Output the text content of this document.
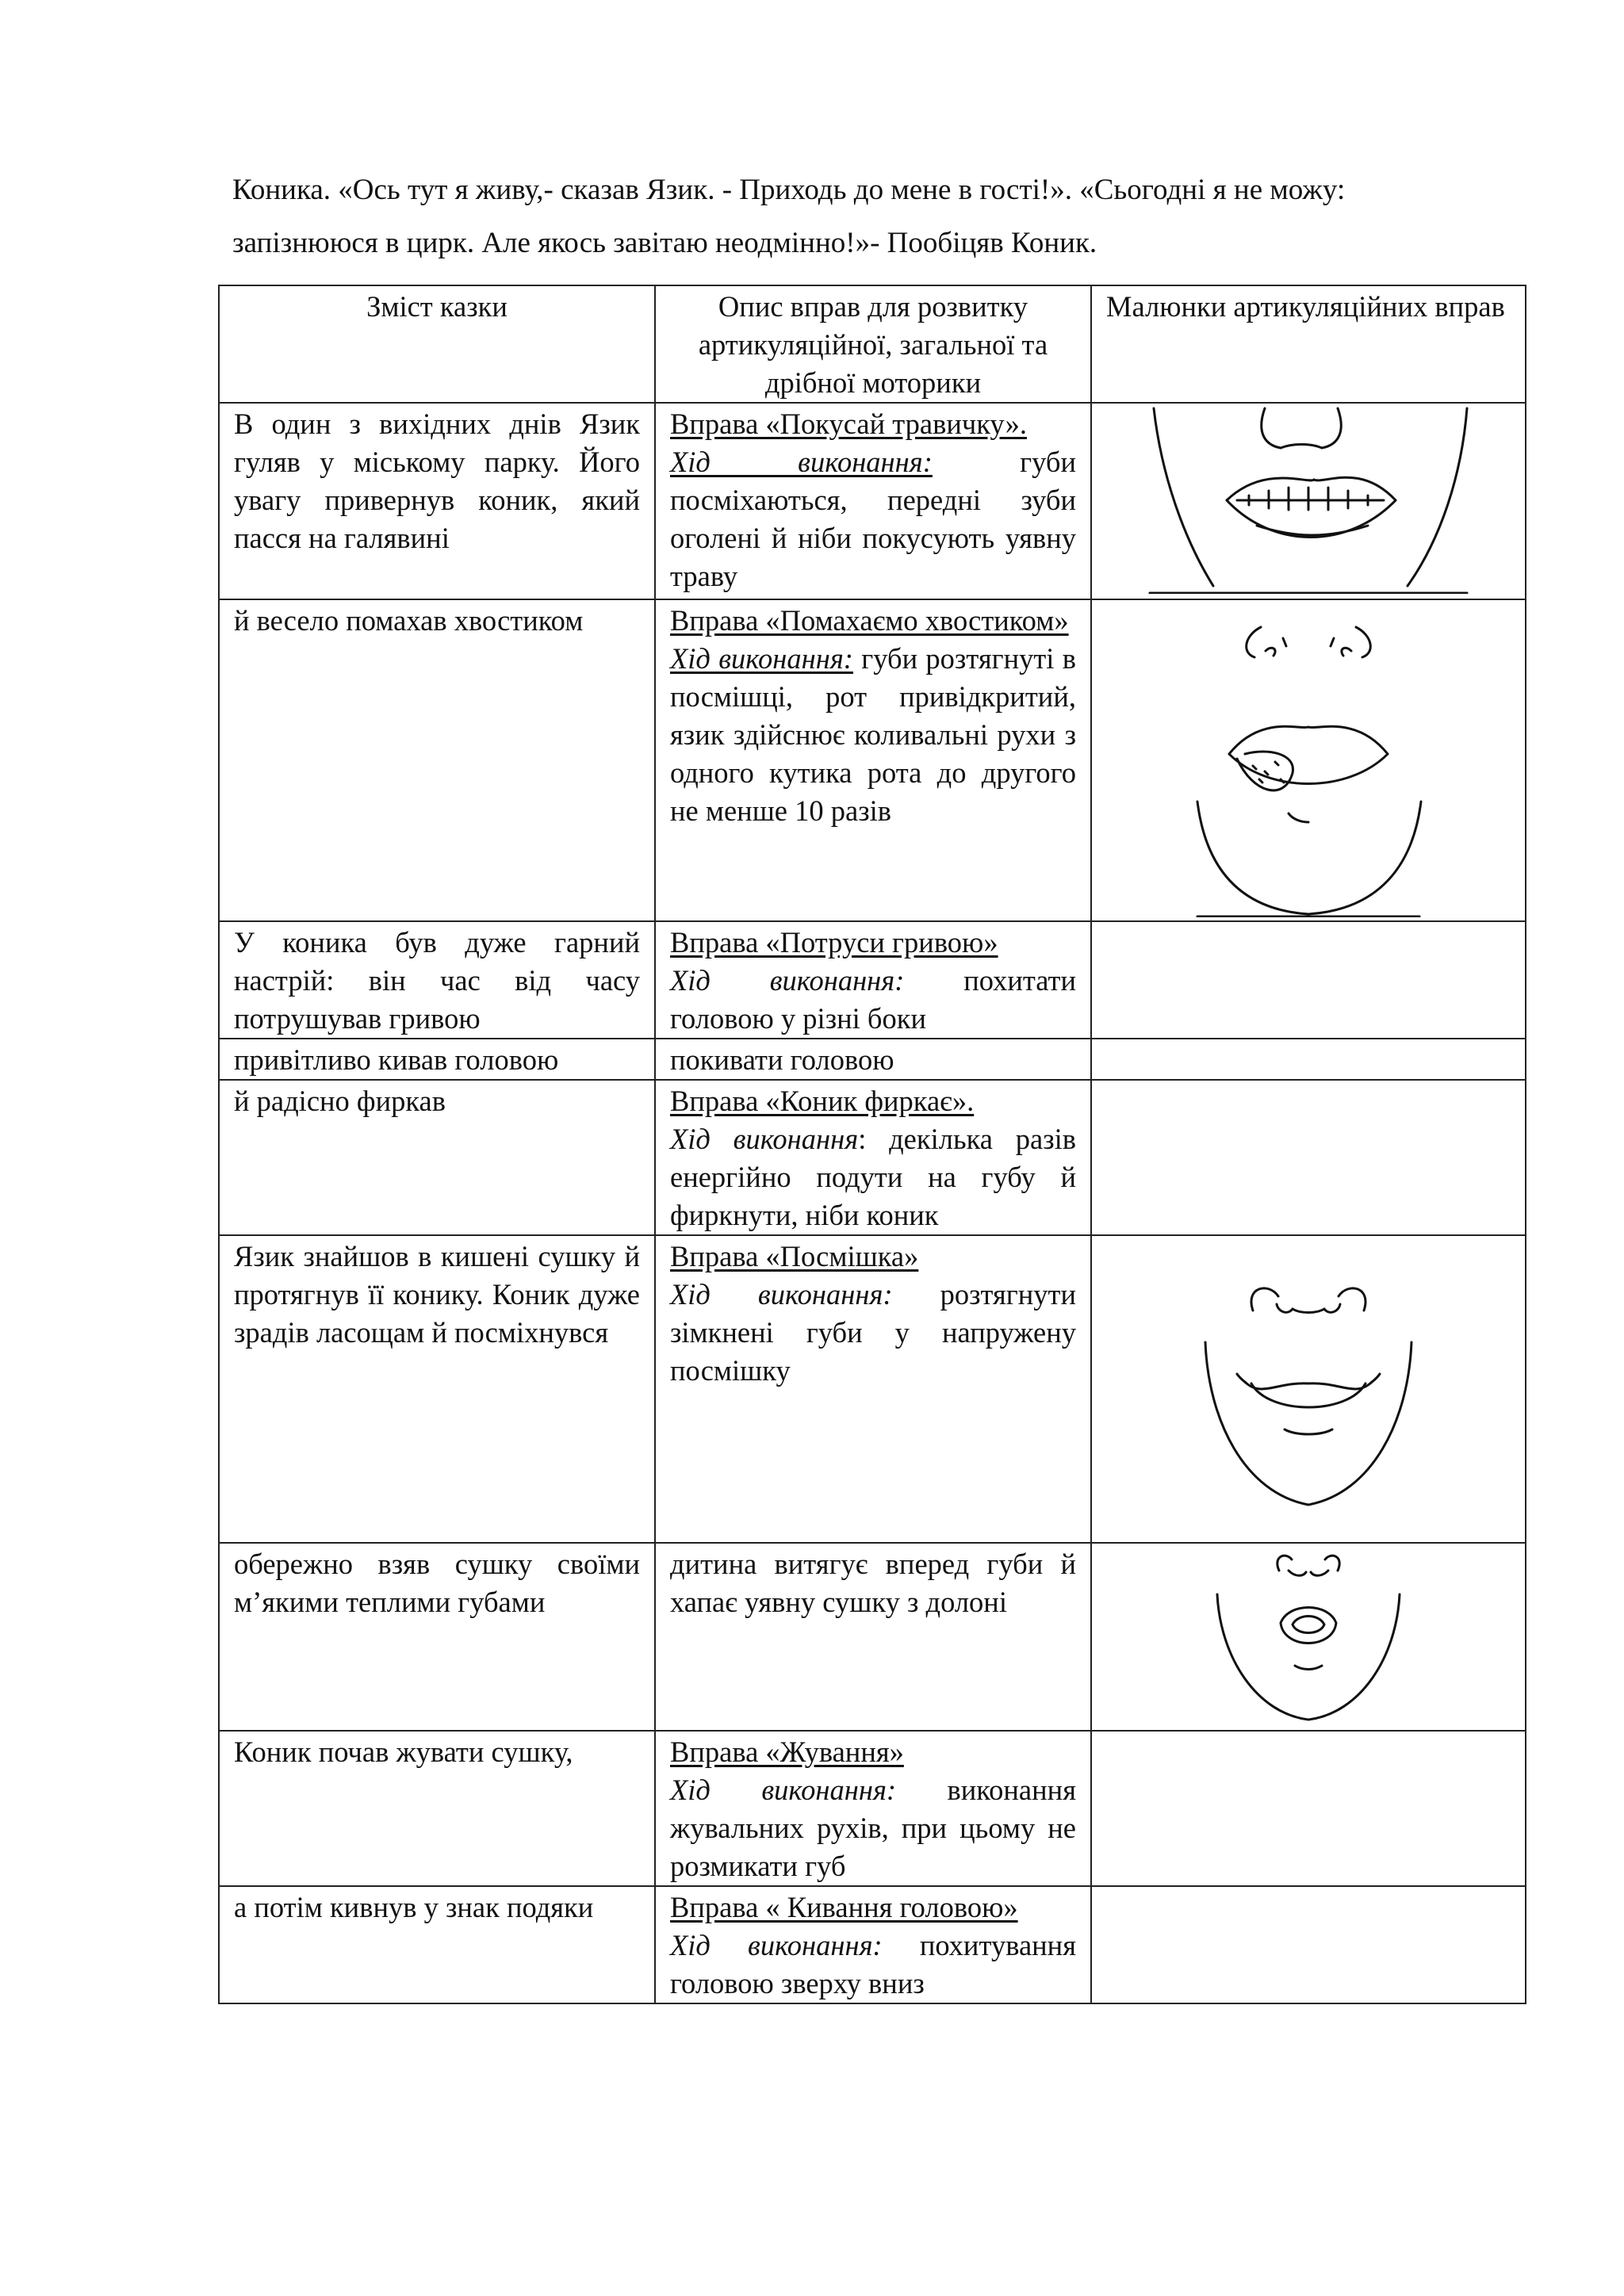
Коника. «Ось тут я живу,- сказав Язик. - Приходь до мене в гості!». «Сьогодні я не можу:
запізнююся в цирк. Але якось завітаю неодмінно!»- Пообіцяв Коник.

Зміст казки	Опис вправ для розвитку артикуляційної, загальної та дрібної моторики	Малюнки артикуляційних вправ
В один з вихідних днів Язик гуляв у міському парку. Його увагу привернув коник, який пасся на галявині	Вправа «Покусай травичку».
Хід виконання: губи посміхаються, передні зуби оголені й ніби покусують уявну траву	

й весело помахав хвостиком	Вправа «Помахаємо хвостиком»
Хід виконання: губи розтягнуті в посмішці, рот привідкритий, язик здійснює коливальні рухи з одного кутика рота до другого не менше 10 разів	

У коника був дуже гарний настрій: він час від часу потрушував гривою	Вправа «Потруси гривою»
Хід виконання: похитати головою у різні боки	
привітливо кивав головою	покивати головою	
й радісно фиркав	Вправа «Коник фиркає».
Хід виконання: декілька разів енергійно подути на губу й фиркнути, ніби коник	
Язик знайшов в кишені сушку й протягнув її конику. Коник дуже зрадів ласощам й посміхнувся	Вправа «Посмішка»
Хід виконання: розтягнути зімкнені губи у напружену посмішку	

обережно взяв сушку своїми м’якими теплими губами	дитина витягує вперед губи й хапає уявну сушку з долоні	

Коник почав жувати сушку,	Вправа «Жування»
Хід виконання: виконання жувальних рухів, при цьому не розмикати губ	
а потім кивнув у знак подяки	Вправа « Кивання головою»
Хід виконання: похитування головою зверху вниз	
